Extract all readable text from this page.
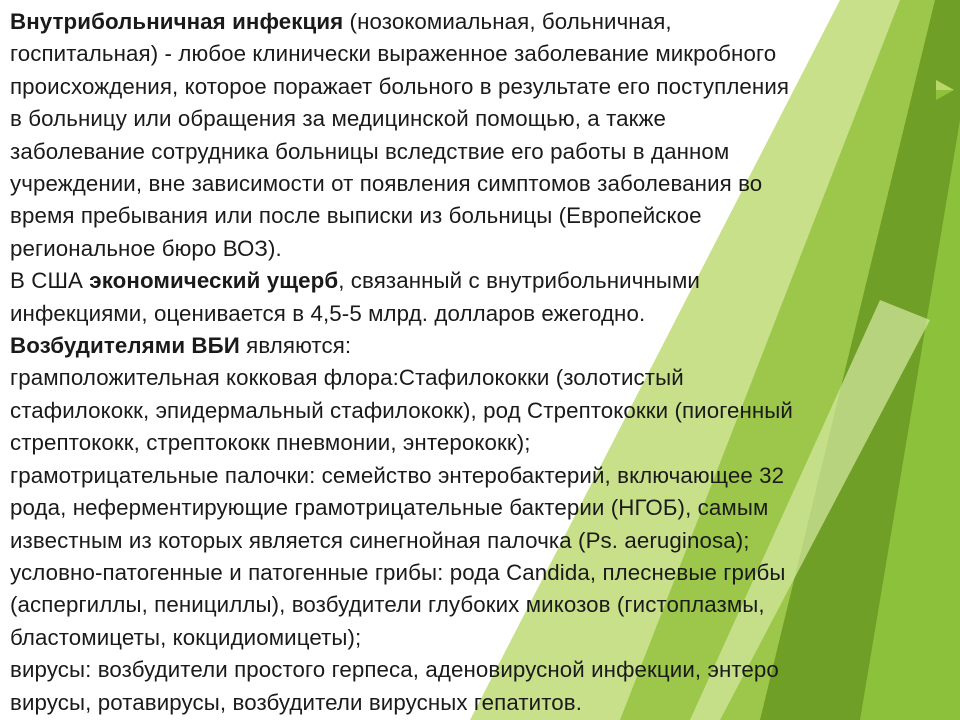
Внутрибольничная инфекция (нозокомиальная, больничная,
госпитальная) - любое клинически выраженное заболевание микробного
происхождения, которое поражает больного в результате его поступления
в больницу или обращения за медицинской помощью, а также
заболевание сотрудника больницы вследствие его работы в данном
учреждении, вне зависимости от появления симптомов заболевания во
время пребывания или после выписки из больницы (Европейское
региональное бюро ВОЗ).
В США экономический ущерб, связанный с внутрибольничными
инфекциями, оценивается в 4,5-5 млрд. долларов ежегодно.
Возбудителями ВБИ являются:
грамположительная кокковая флора:Стафилококки (золотистый
стафилококк, эпидермальный стафилококк), род Стрептококки (пиогенный
стрептококк, стрептококк пневмонии, энтерококк);
грамотрицательные палочки: семейство энтеробактерий, включающее 32
рода, неферментирующие грамотрицательные бактерии (НГОБ), самым
известным из которых является синегнойная палочка (Ps. aeruginosa);
условно-патогенные и патогенные грибы: рода Candida, плесневые грибы
(аспергиллы, пенициллы), возбудители глубоких микозов (гистоплазмы,
бластомицеты, кокцидиомицеты);
вирусы: возбудители простого герпеса, аденовирусной инфекции, энтеро
вирусы, ротавирусы, возбудители вирусных гепатитов.
